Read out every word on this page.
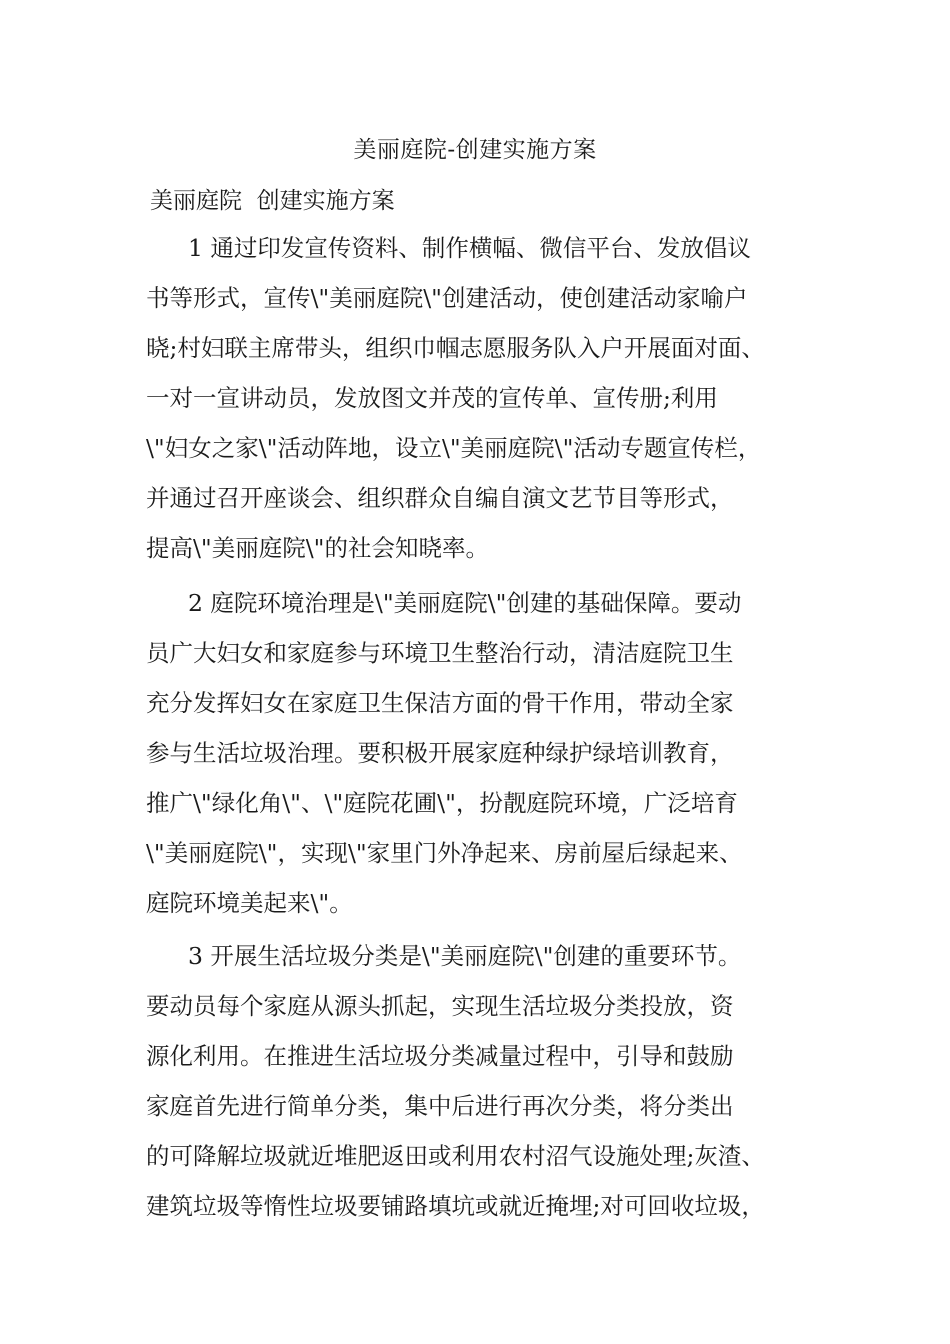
美丽庭院-创建实施方案
美丽庭院  创建实施方案
1 通过印发宣传资料、制作横幅、微信平台、发放倡议
书等形式，宣传\"美丽庭院\"创建活动，使创建活动家喻户
晓;村妇联主席带头，组织巾帼志愿服务队入户开展面对面、
一对一宣讲动员，发放图文并茂的宣传单、宣传册;利用
\"妇女之家\"活动阵地，设立\"美丽庭院\"活动专题宣传栏，
并通过召开座谈会、组织群众自编自演文艺节目等形式，
提高\"美丽庭院\"的社会知晓率。
2 庭院环境治理是\"美丽庭院\"创建的基础保障。要动
员广大妇女和家庭参与环境卫生整治行动，清洁庭院卫生
充分发挥妇女在家庭卫生保洁方面的骨干作用，带动全家
参与生活垃圾治理。要积极开展家庭种绿护绿培训教育，
推广\"绿化角\"、\"庭院花圃\"，扮靓庭院环境，广泛培育
\"美丽庭院\"，实现\"家里门外净起来、房前屋后绿起来、
庭院环境美起来\"。
3 开展生活垃圾分类是\"美丽庭院\"创建的重要环节。
要动员每个家庭从源头抓起，实现生活垃圾分类投放，资
源化利用。在推进生活垃圾分类减量过程中，引导和鼓励
家庭首先进行简单分类，集中后进行再次分类，将分类出
的可降解垃圾就近堆肥返田或利用农村沼气设施处理;灰渣、
建筑垃圾等惰性垃圾要铺路填坑或就近掩埋;对可回收垃圾，
